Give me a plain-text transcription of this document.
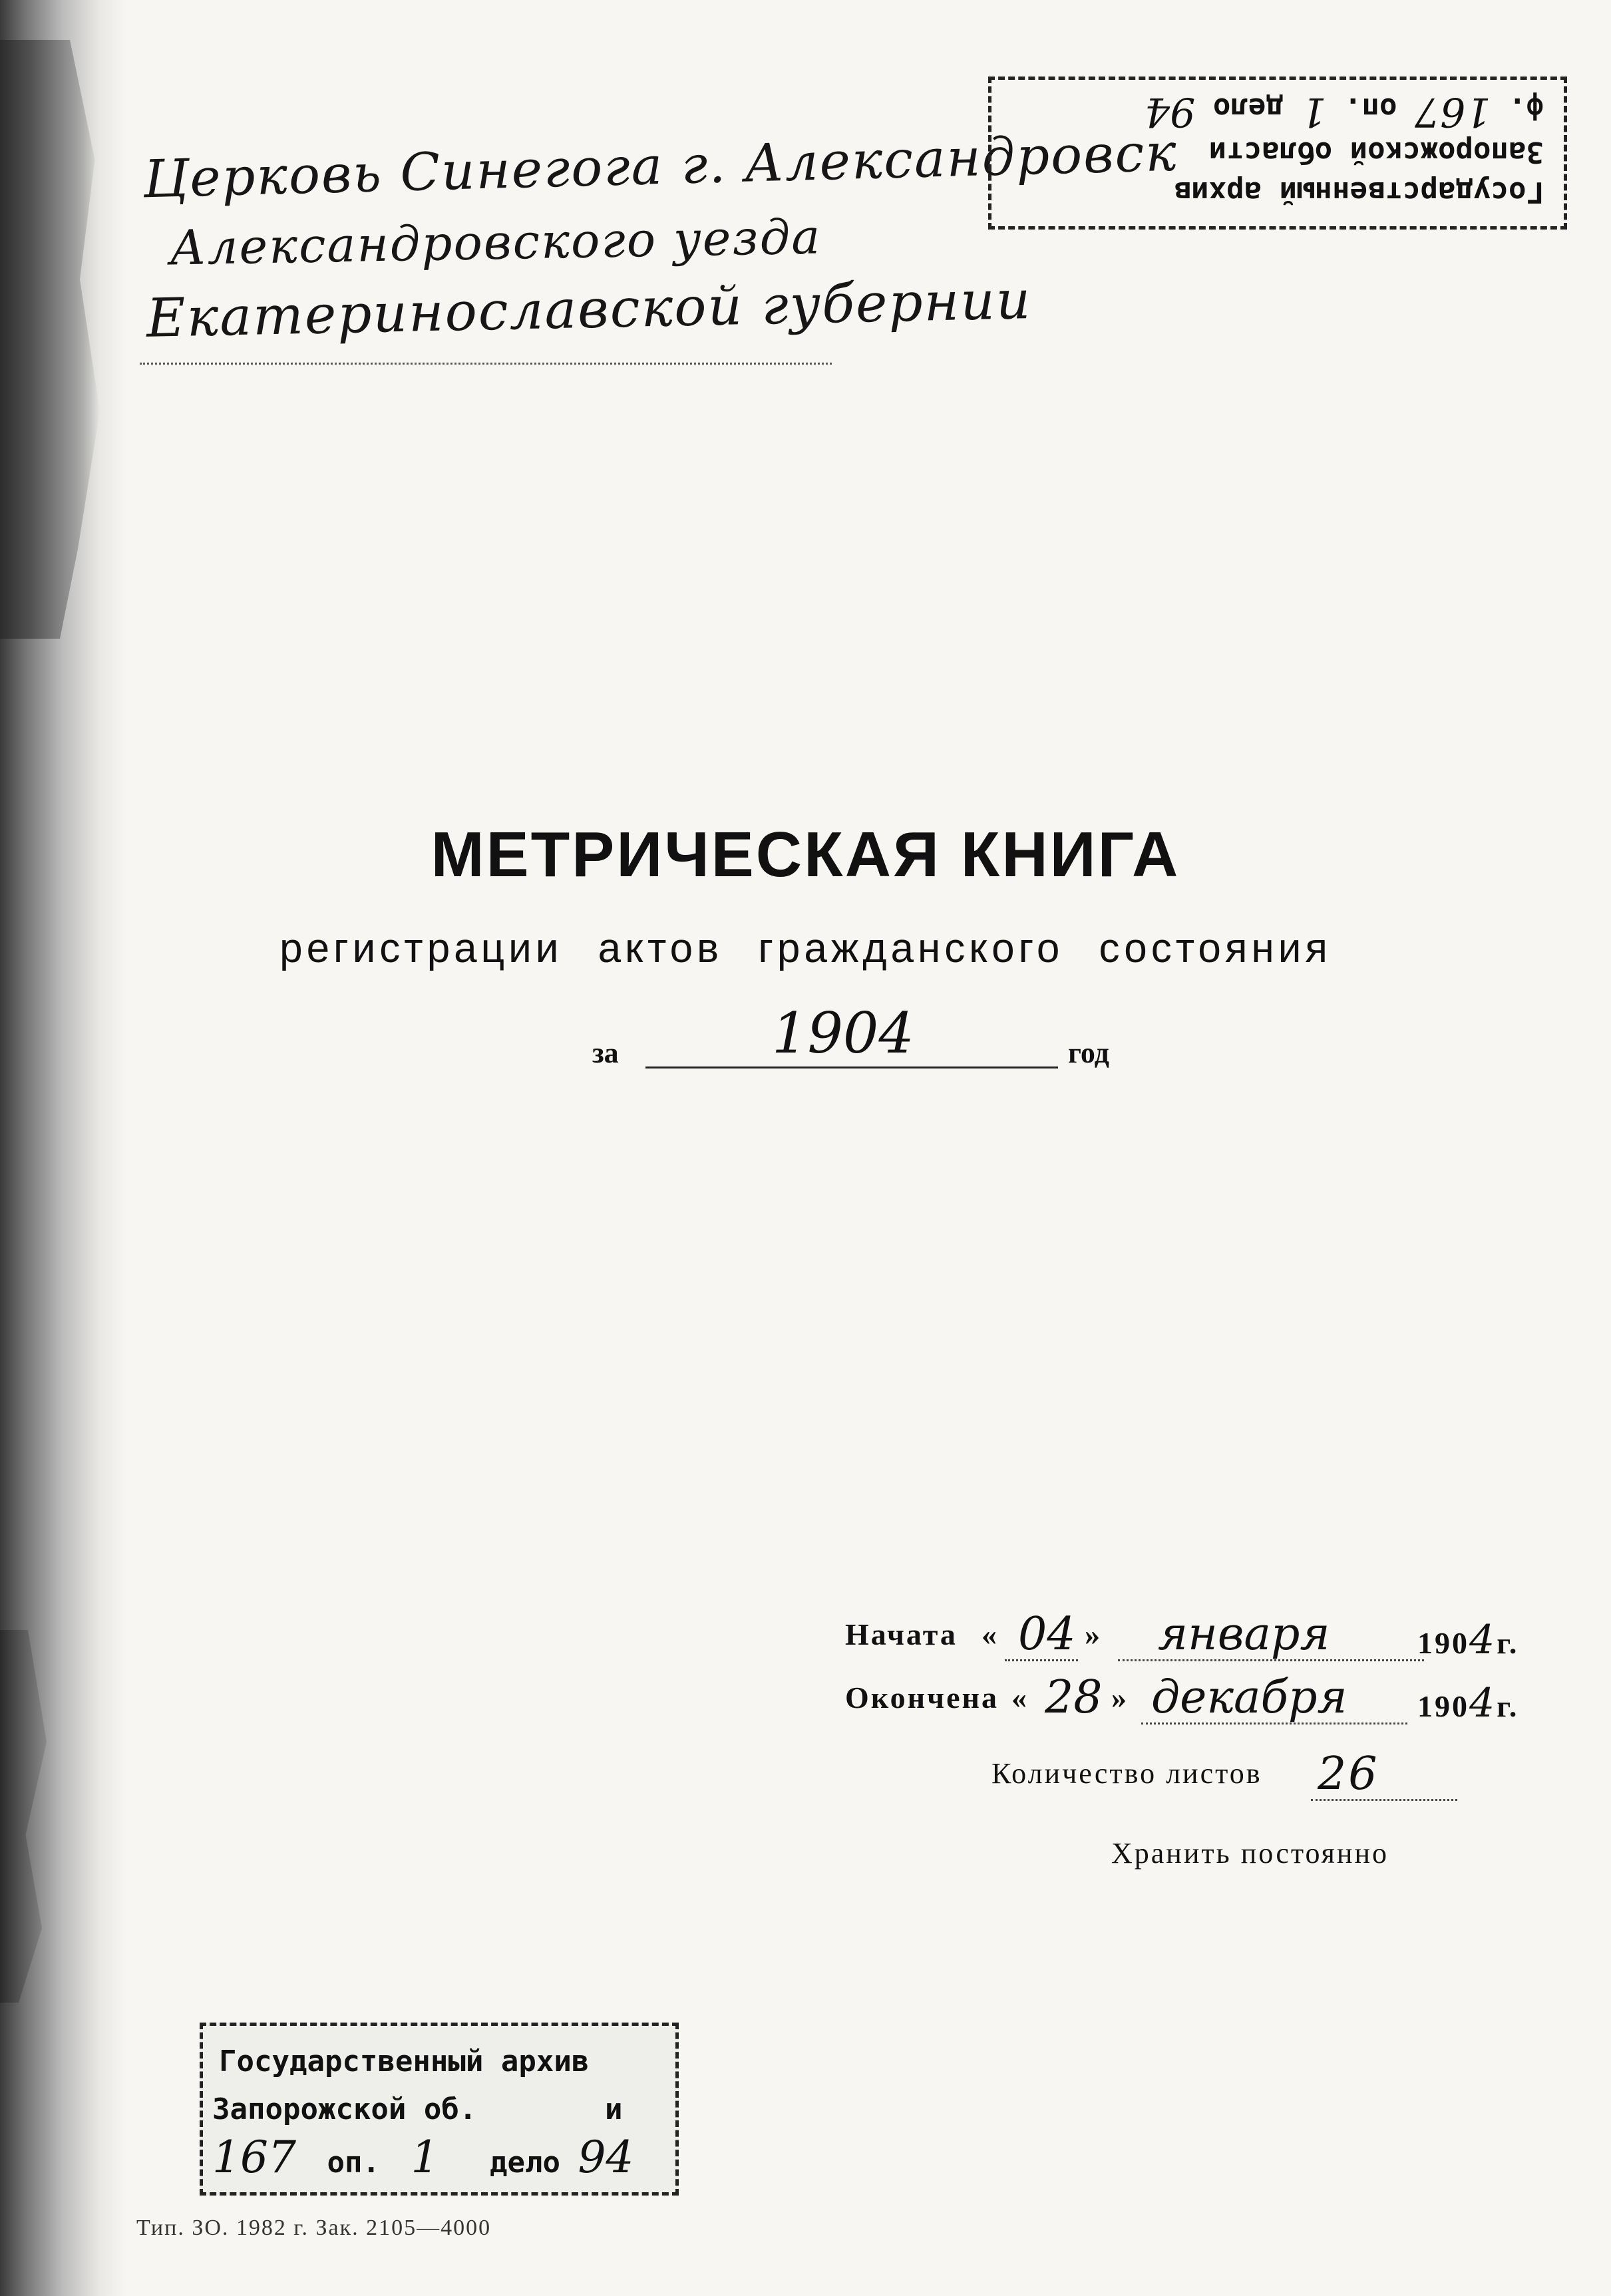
Церковь Синегога г. Александровск
Александровского уезда
Екатеринославской губернии
Государственный архив
Запорожской области
ф. 167 оп. 1 дело 94
МЕТРИЧЕСКАЯ КНИГА
регистрации актов гражданского состояния
за	1904	год
Начата « 04 » января	1904г.
Окончена « 28 » декабря 1904г.
Количество листов 26
Хранить постоянно
Государственный архив
Запорожской об.	и
167 оп. 1 дело 94
Тип. ЗО. 1982 г. Зак. 2105—4000
